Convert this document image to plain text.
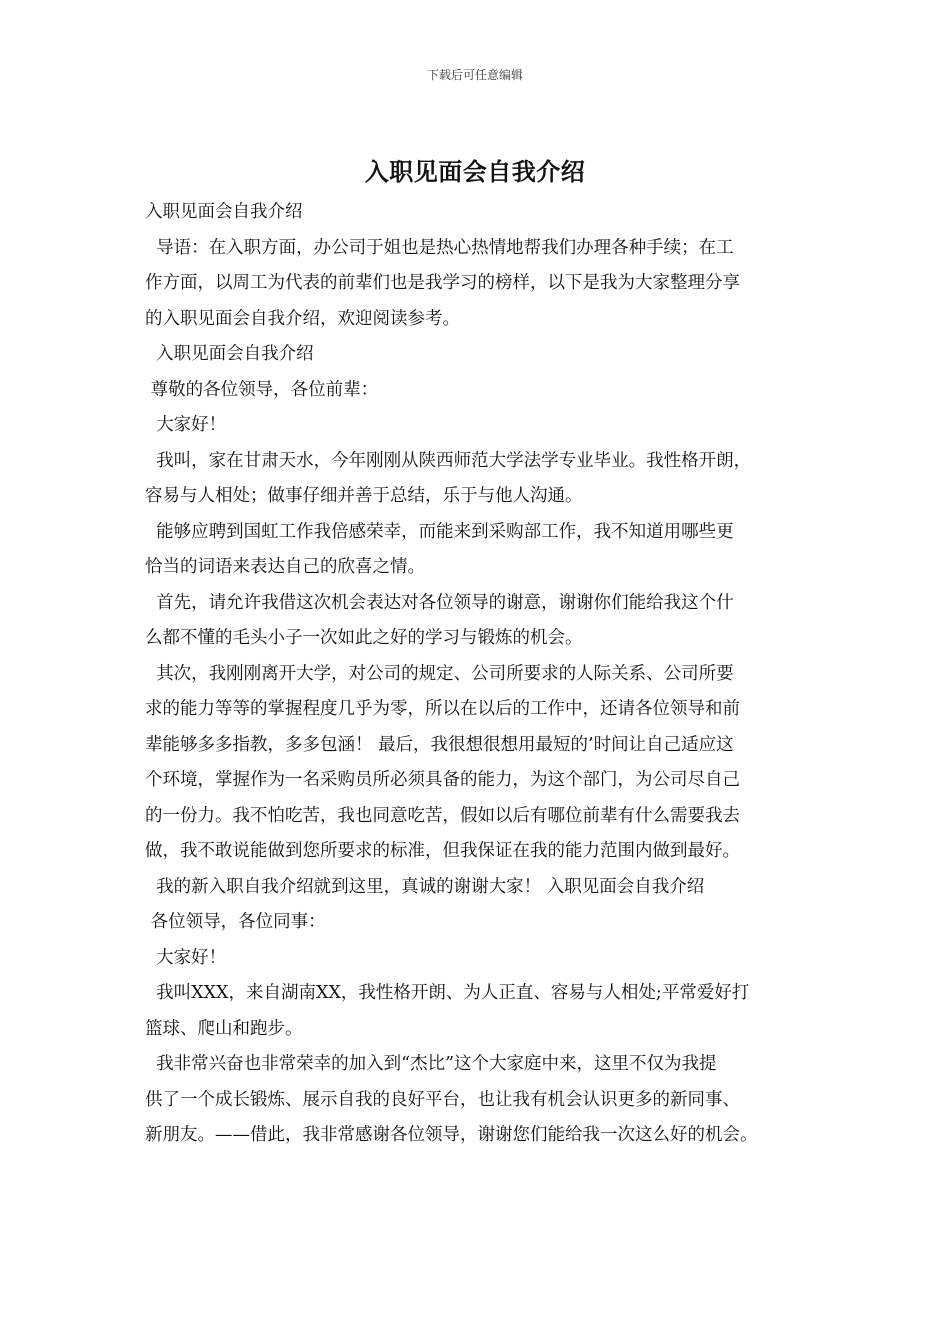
下载后可任意编辑
入职见面会自我介绍

入职见面会自我介绍

导语：在入职方面，办公司于姐也是热心热情地帮我们办理各种手续；在工

作方面，以周工为代表的前辈们也是我学习的榜样，以下是我为大家整理分享

的入职见面会自我介绍，欢迎阅读参考。

入职见面会自我介绍

尊敬的各位领导，各位前辈：

大家好！

我叫，家在甘肃天水，今年刚刚从陕西师范大学法学专业毕业。我性格开朗，

容易与人相处；做事仔细并善于总结，乐于与他人沟通。

能够应聘到国虹工作我倍感荣幸，而能来到采购部工作，我不知道用哪些更

恰当的词语来表达自己的欣喜之情。

首先，请允许我借这次机会表达对各位领导的谢意，谢谢你们能给我这个什

么都不懂的毛头小子一次如此之好的学习与锻炼的机会。

其次，我刚刚离开大学，对公司的规定、公司所要求的人际关系、公司所要

求的能力等等的掌握程度几乎为零，所以在以后的工作中，还请各位领导和前

辈能够多多指教，多多包涵！ 最后，我很想很想用最短的’时间让自己适应这

个环境，掌握作为一名采购员所必须具备的能力，为这个部门，为公司尽自己

的一份力。我不怕吃苦，我也同意吃苦，假如以后有哪位前辈有什么需要我去

做，我不敢说能做到您所要求的标准，但我保证在我的能力范围内做到最好。

我的新入职自我介绍就到这里，真诚的谢谢大家！ 入职见面会自我介绍

各位领导，各位同事：

大家好！

我叫XXX，来自湖南XX，我性格开朗、为人正直、容易与人相处;平常爱好打

篮球、爬山和跑步。

我非常兴奋也非常荣幸的加入到“杰比”这个大家庭中来，这里不仅为我提

供了一个成长锻炼、展示自我的良好平台，也让我有机会认识更多的新同事、

新朋友。——借此，我非常感谢各位领导，谢谢您们能给我一次这么好的机会。
